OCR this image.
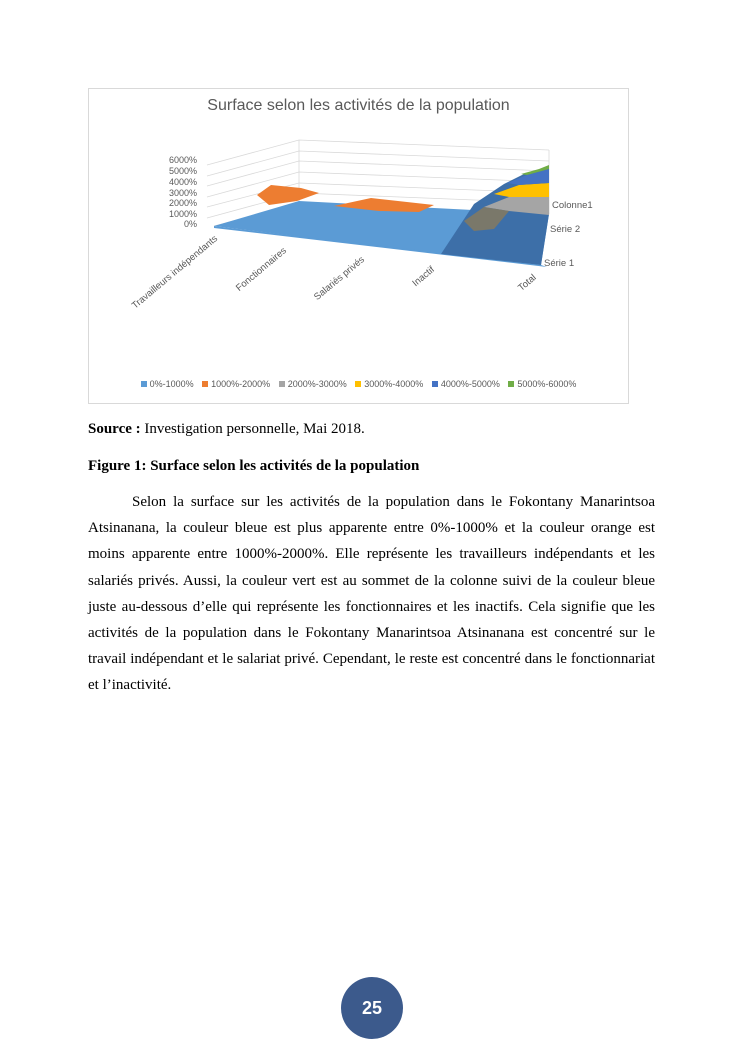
Surface selon les activités de la population
6000%
5000%
4000%
3000%
2000%
1000%
0%
Travailleurs indépendants Fonctionnaires Salariés privés	Inactif	Total
Colonne1
Série 2
Série 1
0%-1000% 1000%-2000% 2000%-3000% 3000%-4000% 4000%-5000% 5000%-6000%
Source : Investigation personnelle, Mai 2018.
Figure 1: Surface selon les activités de la population

Selon la surface sur les activités de la population dans le Fokontany Manarintsoa Atsinanana, la couleur bleue est plus apparente entre 0%-1000% et la couleur orange est moins apparente entre 1000%-2000%. Elle représente les travailleurs indépendants et les salariés privés. Aussi, la couleur vert est au sommet de la colonne suivi de la couleur bleue juste au-dessous d’elle qui représente les fonctionnaires et les inactifs. Cela signifie que les activités de la population dans le Fokontany Manarintsoa Atsinanana est concentré sur le travail indépendant et le salariat privé. Cependant, le reste est concentré dans le fonctionnariat et l’inactivité.

25
